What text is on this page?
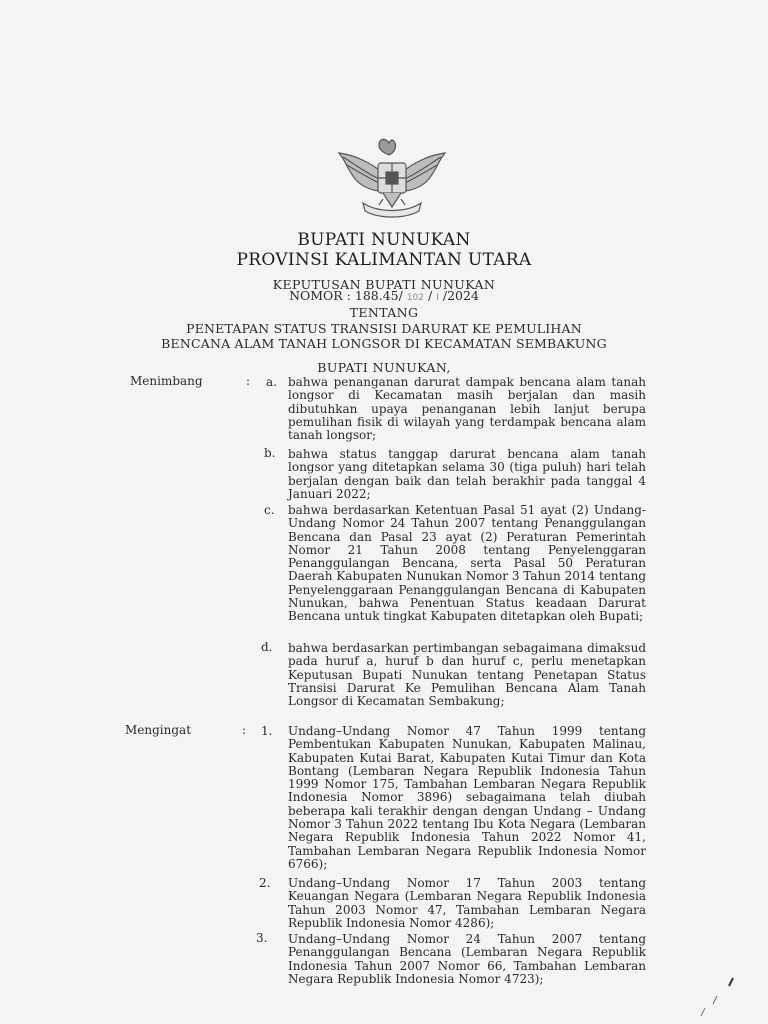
BUPATI NUNUKAN
PROVINSI KALIMANTAN UTARA
KEPUTUSAN BUPATI NUNUKAN
NOMOR : 188.45/ 102 / I /2024
TENTANG
PENETAPAN STATUS TRANSISI DARURAT KE PEMULIHAN
BENCANA ALAM TANAH LONGSOR DI KECAMATAN SEMBAKUNG
BUPATI NUNUKAN,
Menimbang	: a. bahwa penanganan darurat dampak bencana alam tanah longsor di Kecamatan masih berjalan dan masih dibutuhkan upaya penanganan lebih lanjut berupa pemulihan fisik di wilayah yang terdampak bencana alam tanah longsor;

b. bahwa status tanggap darurat bencana alam tanah longsor yang ditetapkan selama 30 (tiga puluh) hari telah berjalan dengan baik dan telah berakhir pada tanggal 4 Januari 2022;

c. bahwa berdasarkan Ketentuan Pasal 51 ayat (2) Undang-Undang Nomor 24 Tahun 2007 tentang Penanggulangan Bencana dan Pasal 23 ayat (2) Peraturan Pemerintah Nomor 21 Tahun 2008 tentang Penyelenggaran Penanggulangan Bencana, serta Pasal 50 Peraturan Daerah Kabupaten Nunukan Nomor 3 Tahun 2014 tentang Penyelenggaraan Penanggulangan Bencana di Kabupaten Nunukan, bahwa Penentuan Status keadaan Darurat Bencana untuk tingkat Kabupaten ditetapkan oleh Bupati;

d. bahwa berdasarkan pertimbangan sebagaimana dimaksud pada huruf a, huruf b dan huruf c, perlu menetapkan Keputusan Bupati Nunukan tentang Penetapan Status Transisi Darurat Ke Pemulihan Bencana Alam Tanah Longsor di Kecamatan Sembakung;

Mengingat	: 1. Undang–Undang Nomor 47 Tahun 1999 tentang Pembentukan Kabupaten Nunukan, Kabupaten Malinau, Kabupaten Kutai Barat, Kabupaten Kutai Timur dan Kota Bontang (Lembaran Negara Republik Indonesia Tahun 1999 Nomor 175, Tambahan Lembaran Negara Republik Indonesia Nomor 3896) sebagaimana telah diubah beberapa kali terakhir dengan dengan Undang – Undang Nomor 3 Tahun 2022 tentang Ibu Kota Negara (Lembaran Negara Republik Indonesia Tahun 2022 Nomor 41, Tambahan Lembaran Negara Republik Indonesia Nomor 6766);

2. Undang–Undang Nomor 17 Tahun 2003 tentang Keuangan Negara (Lembaran Negara Republik Indonesia Tahun 2003 Nomor 47, Tambahan Lembaran Negara Republik Indonesia Nomor 4286);

3. Undang–Undang Nomor 24 Tahun 2007 tentang Penanggulangan Bencana (Lembaran Negara Republik Indonesia Tahun 2007 Nomor 66, Tambahan Lembaran Negara Republik Indonesia Nomor 4723);
